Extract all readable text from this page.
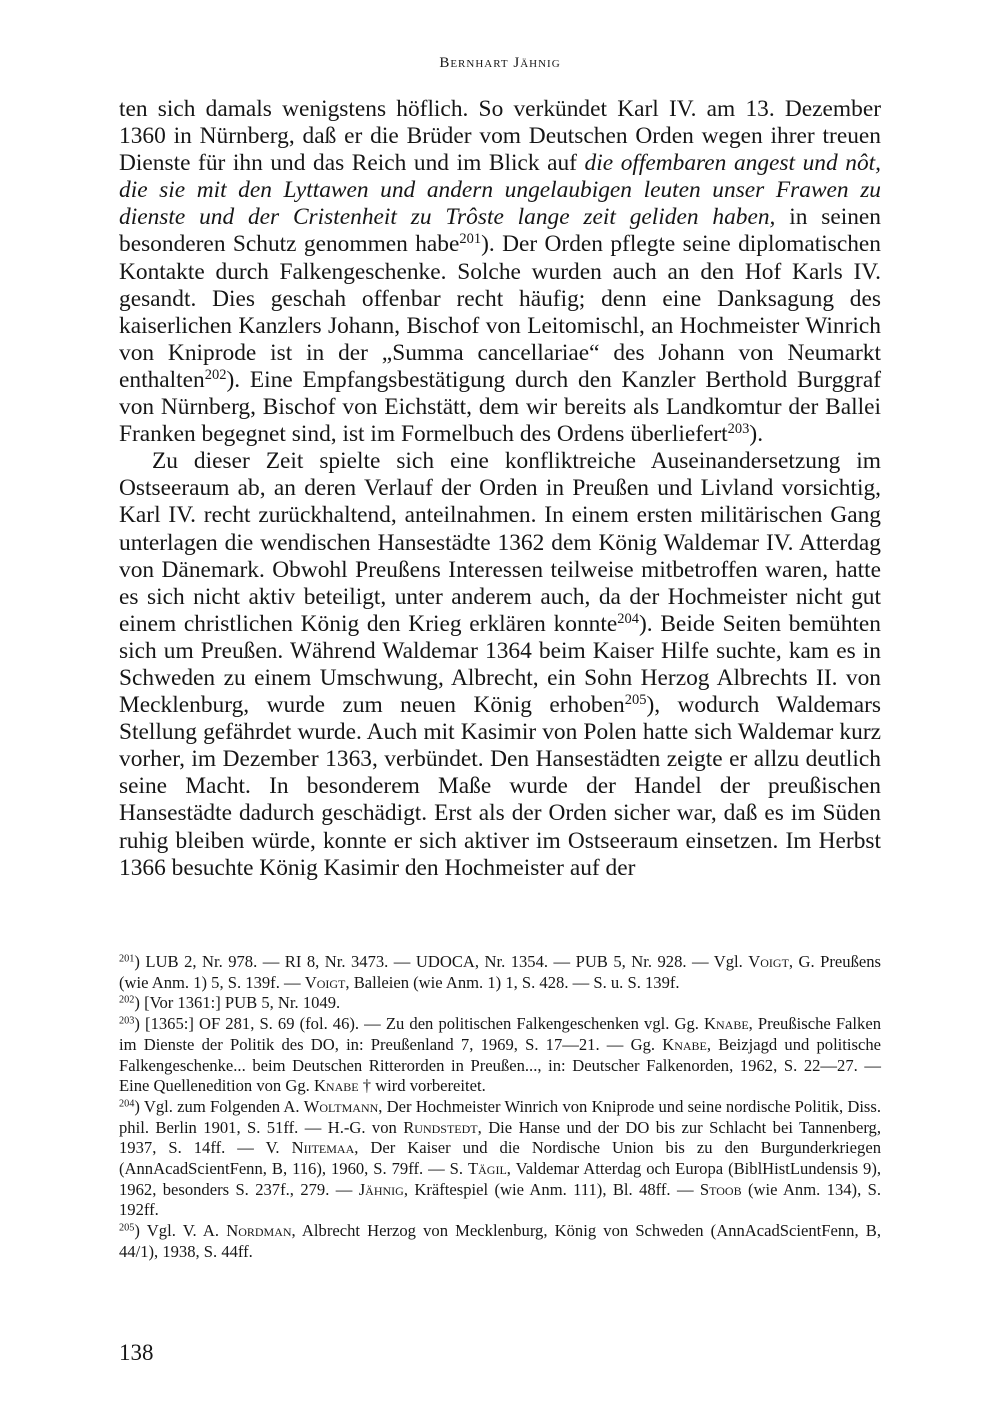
Bernhart Jähnig

ten sich damals wenigstens höflich. So verkündet Karl IV. am 13. Dezember 1360 in Nürnberg, daß er die Brüder vom Deutschen Orden wegen ihrer treuen Dienste für ihn und das Reich und im Blick auf die offembaren angest und nôt, die sie mit den Lyttawen und andern ungelaubigen leuten unser Frawen zu dienste und der Cristenheit zu Trôste lange zeit geliden haben, in seinen besonderen Schutz genommen habe$^{201}$). Der Orden pflegte seine diplomatischen Kontakte durch Falkengeschenke. Solche wurden auch an den Hof Karls IV. gesandt. Dies geschah offenbar recht häufig; denn eine Danksagung des kaiserlichen Kanzlers Johann, Bischof von Leitomischl, an Hochmeister Winrich von Kniprode ist in der „Summa cancellariae“ des Johann von Neumarkt enthalten$^{202}$). Eine Empfangsbestätigung durch den Kanzler Berthold Burggraf von Nürnberg, Bischof von Eichstätt, dem wir bereits als Landkomtur der Ballei Franken begegnet sind, ist im Formelbuch des Ordens überliefert$^{203}$).

Zu dieser Zeit spielte sich eine konfliktreiche Auseinandersetzung im Ostseeraum ab, an deren Verlauf der Orden in Preußen und Livland vorsichtig, Karl IV. recht zurückhaltend, anteilnahmen. In einem ersten militärischen Gang unterlagen die wendischen Hansestädte 1362 dem König Waldemar IV. Atterdag von Dänemark. Obwohl Preußens Interessen teilweise mitbetroffen waren, hatte es sich nicht aktiv beteiligt, unter anderem auch, da der Hochmeister nicht gut einem christlichen König den Krieg erklären konnte$^{204}$). Beide Seiten bemühten sich um Preußen. Während Waldemar 1364 beim Kaiser Hilfe suchte, kam es in Schweden zu einem Umschwung, Albrecht, ein Sohn Herzog Albrechts II. von Mecklenburg, wurde zum neuen König erhoben$^{205}$), wodurch Waldemars Stellung gefährdet wurde. Auch mit Kasimir von Polen hatte sich Waldemar kurz vorher, im Dezember 1363, verbündet. Den Hansestädten zeigte er allzu deutlich seine Macht. In besonderem Maße wurde der Handel der preußischen Hansestädte dadurch geschädigt. Erst als der Orden sicher war, daß es im Süden ruhig bleiben würde, konnte er sich aktiver im Ostseeraum einsetzen. Im Herbst 1366 besuchte König Kasimir den Hochmeister auf der

$^{201}$) LUB 2, Nr. 978. — RI 8, Nr. 3473. — UDOCA, Nr. 1354. — PUB 5, Nr. 928. — Vgl. Voigt, G. Preußens (wie Anm. 1) 5, S. 139f. — Voigt, Balleien (wie Anm. 1) 1, S. 428. — S. u. S. 139f.

$^{202}$) [Vor 1361:] PUB 5, Nr. 1049.

$^{203}$) [1365:] OF 281, S. 69 (fol. 46). — Zu den politischen Falkengeschenken vgl. Gg. Knabe, Preußische Falken im Dienste der Politik des DO, in: Preußenland 7, 1969, S. 17—21. — Gg. Knabe, Beizjagd und politische Falkengeschenke... beim Deutschen Ritterorden in Preußen..., in: Deutscher Falkenorden, 1962, S. 22—27. — Eine Quellenedition von Gg. Knabe † wird vorbereitet.

$^{204}$) Vgl. zum Folgenden A. Woltmann, Der Hochmeister Winrich von Kniprode und seine nordische Politik, Diss. phil. Berlin 1901, S. 51ff. — H.-G. von Rundstedt, Die Hanse und der DO bis zur Schlacht bei Tannenberg, 1937, S. 14ff. — V. Niitemaa, Der Kaiser und die Nordische Union bis zu den Burgunderkriegen (AnnAcadScientFenn, B, 116), 1960, S. 79ff. — S. Tägil, Valdemar Atterdag och Europa (BiblHistLundensis 9), 1962, besonders S. 237f., 279. — Jähnig, Kräftespiel (wie Anm. 111), Bl. 48ff. — Stoob (wie Anm. 134), S. 192ff.

$^{205}$) Vgl. V. A. Nordman, Albrecht Herzog von Mecklenburg, König von Schweden (AnnAcadScientFenn, B, 44/1), 1938, S. 44ff.

138
